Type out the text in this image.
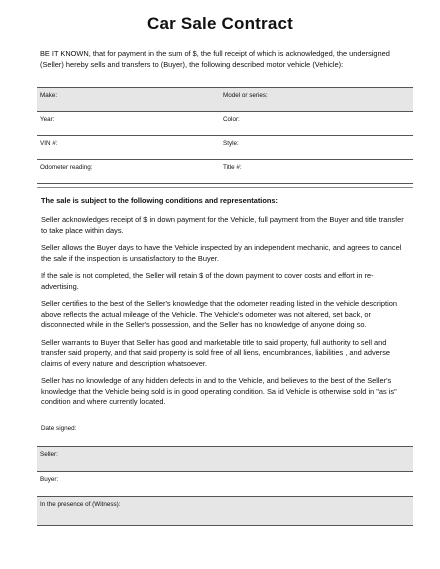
Car Sale Contract
BE IT KNOWN, that for payment in the sum of $, the full receipt of which is acknowledged, the undersigned (Seller) hereby sells and transfers to (Buyer), the following described motor vehicle (Vehicle):
Make:	Model or series:
Year:	Color:
VIN #:	Style:
Odometer reading:	Title #:
The sale is subject to the following conditions and representations:

Seller acknowledges receipt of $ in down payment for the Vehicle, full payment from the Buyer and title transfer to take place within days.

Seller allows the Buyer days to have the Vehicle inspected by an independent mechanic, and agrees to cancel the sale if the inspection is unsatisfactory to the Buyer.

If the sale is not completed, the Seller will retain $ of the down payment to cover costs and effort in re-advertising.

Seller certifies to the best of the Seller's knowledge that the odometer reading listed in the vehicle description above reflects the actual mileage of the Vehicle. The Vehicle's odometer was not altered, set back, or disconnected while in the Seller's possession, and the Seller has no knowledge of anyone doing so.

Seller warrants to Buyer that Seller has good and marketable title to said property, full authority to sell and transfer said property, and that said property is sold free of all liens, encumbrances, liabilities , and adverse claims of every nature and description whatsoever.

Seller has no knowledge of any hidden defects in and to the Vehicle, and believes to the best of the Seller's knowledge that the Vehicle being sold is in good operating condition. Sa id Vehicle is otherwise sold in "as is" condition and where currently located.

Date signed:
Seller:
Buyer:
In the presence of (Witness):
